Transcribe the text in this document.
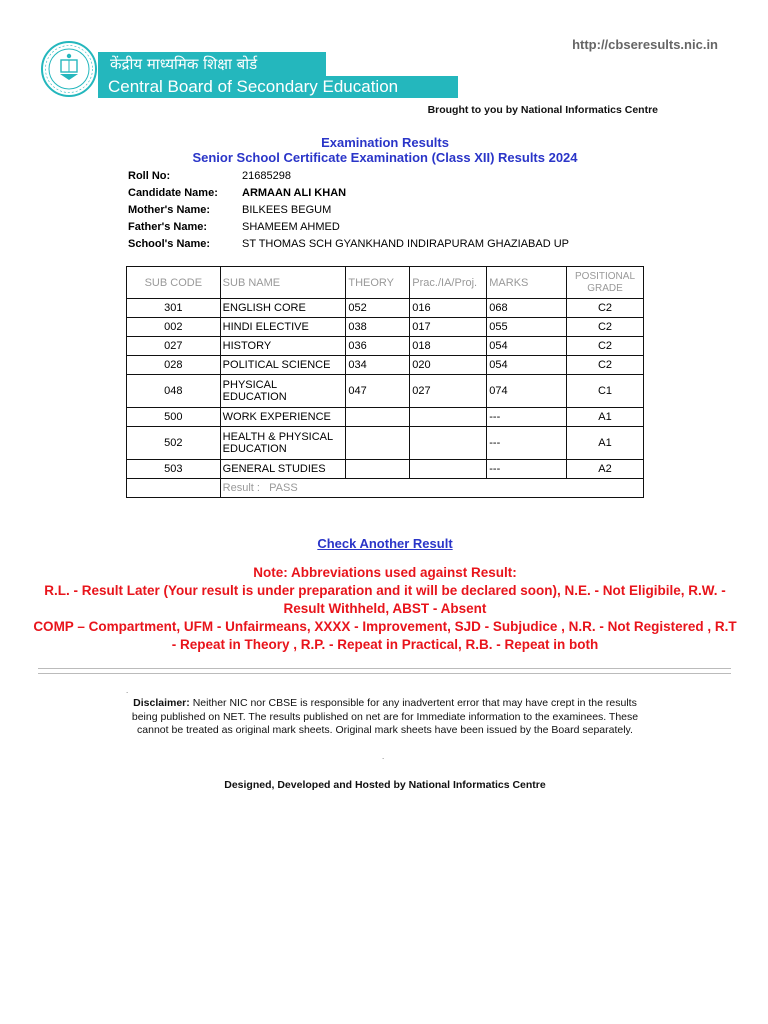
केंद्रीय माध्यमिक शिक्षा बोर्ड
Central Board of Secondary Education
http://cbseresults.nic.in
Brought to you by National Informatics Centre
Examination Results
Senior School Certificate Examination (Class XII) Results 2024
Roll No:	21685298
Candidate Name: ARMAAN ALI KHAN
Mother's Name:	BILKEES BEGUM
Father's Name:	SHAMEEM AHMED
School's Name:	ST THOMAS SCH GYANKHAND INDIRAPURAM GHAZIABAD UP
SUB CODE	SUB NAME	THEORY	Prac./IA/Proj.	MARKS	POSITIONAL GRADE
301	ENGLISH CORE	052	016	068	C2
002	HINDI ELECTIVE	038	017	055	C2
027	HISTORY	036	018	054	C2
028	POLITICAL SCIENCE	034	020	054	C2
048	PHYSICAL EDUCATION	047	027	074	C1
500	WORK EXPERIENCE			---	A1
502	HEALTH & PHYSICAL EDUCATION			---	A1
503	GENERAL STUDIES			---	A2
	Result :   PASS				
Check Another Result

Note: Abbreviations used against Result:

R.L. - Result Later (Your result is under preparation and it will be declared soon), N.E. - Not Eligibile, R.W. - Result Withheld, ABST - Absent

COMP – Compartment, UFM - Unfairmeans, XXXX - Improvement, SJD - Subjudice , N.R. - Not Registered , R.T - Repeat in Theory , R.P. - Repeat in Practical, R.B. - Repeat in both

.
Disclaimer: Neither NIC nor CBSE is responsible for any inadvertent error that may have crept in the results being published on NET. The results published on net are for Immediate information to the examinees. These cannot be treated as original mark sheets. Original mark sheets have been issued by the Board separately.
.
Designed, Developed and Hosted by National Informatics Centre
